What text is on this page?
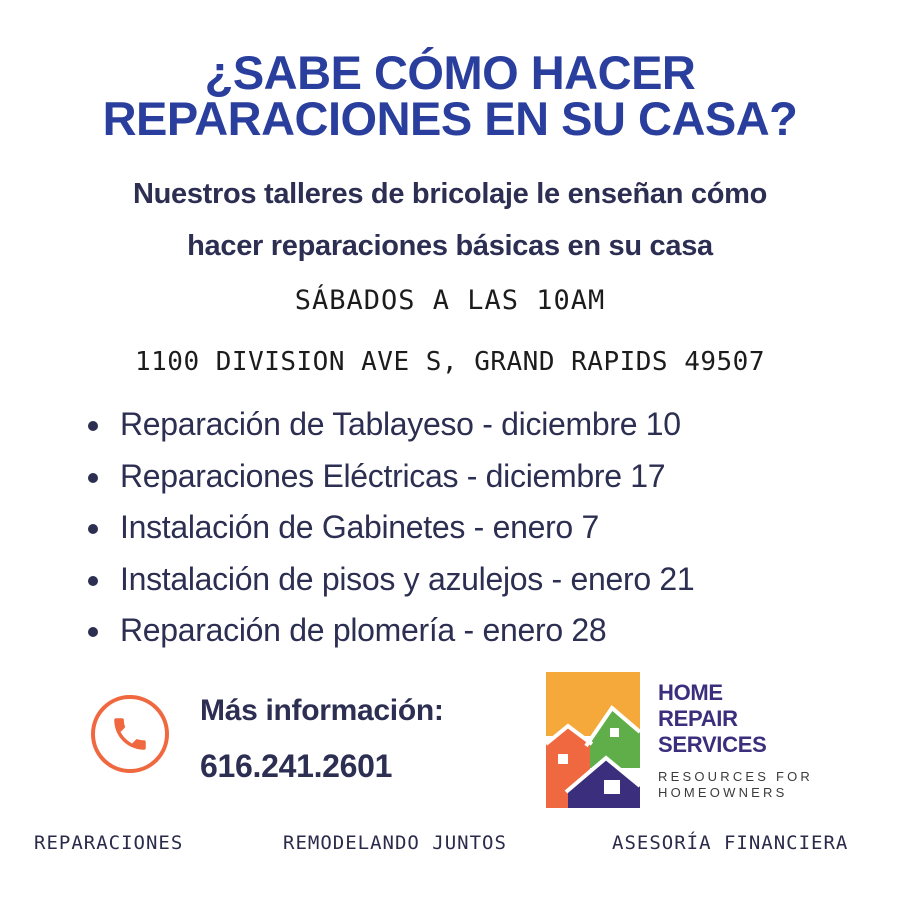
¿SABE CÓMO HACER
REPARACIONES EN SU CASA?
Nuestros talleres de bricolaje le enseñan cómo
hacer reparaciones básicas en su casa
SÁBADOS A LAS 10AM
1100 DIVISION AVE S, GRAND RAPIDS 49507
Reparación de Tablayeso - diciembre 10
Reparaciones Eléctricas - diciembre 17
Instalación de Gabinetes - enero 7
Instalación de pisos y azulejos - enero 21
Reparación de plomería - enero 28
Más información:
616.241.2601
HOME
REPAIR
SERVICES
RESOURCES FOR
HOMEOWNERS
REPARACIONES	REMODELANDO JUNTOS	ASESORÍA FINANCIERA
